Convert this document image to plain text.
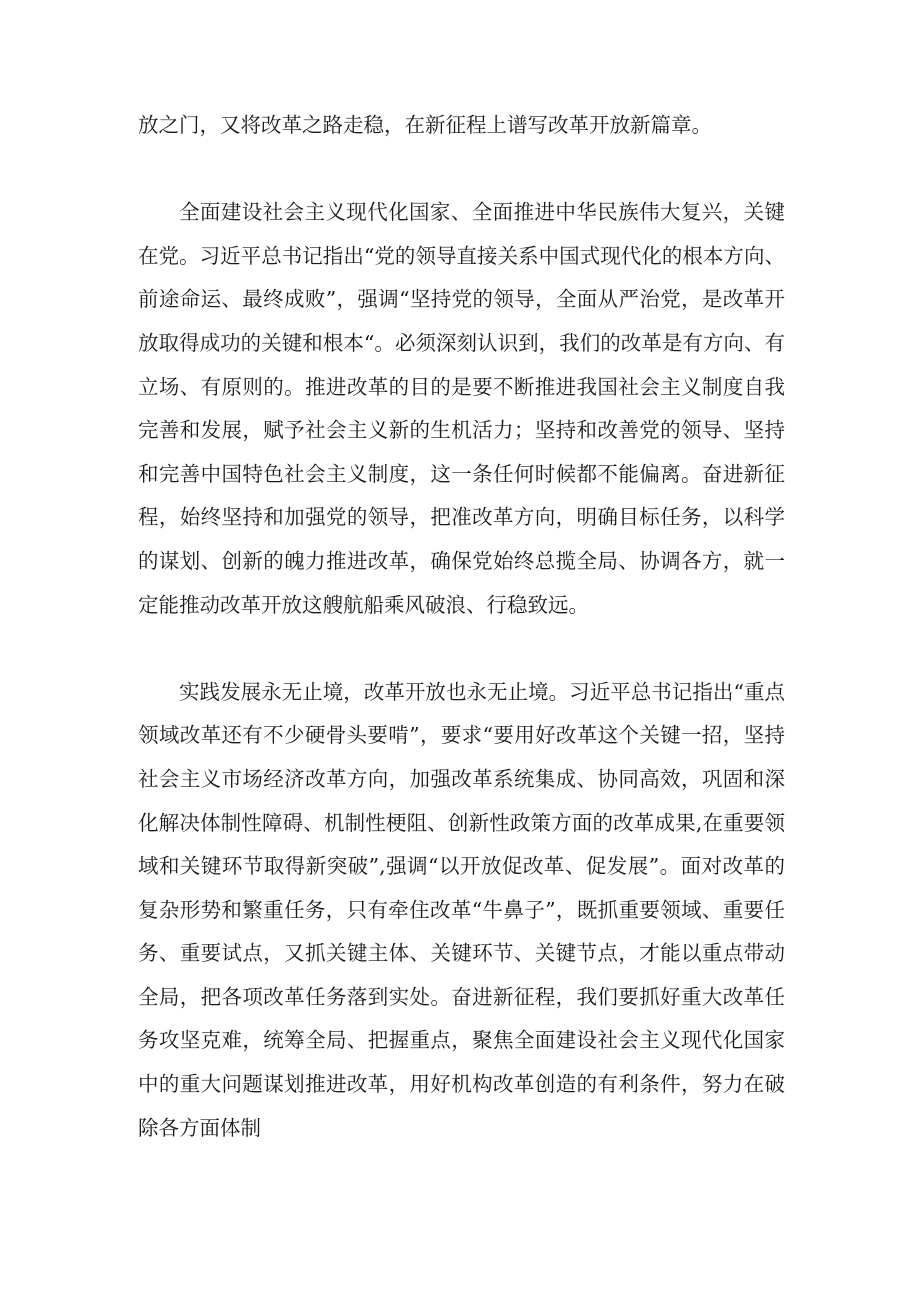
放之门，又将改革之路走稳，在新征程上谱写改革开放新篇章。

全面建设社会主义现代化国家、全面推进中华民族伟大复兴，关键在党。习近平总书记指出“党的领导直接关系中国式现代化的根本方向、前途命运、最终成败”，强调“坚持党的领导，全面从严治党，是改革开放取得成功的关键和根本“。必须深刻认识到，我们的改革是有方向、有立场、有原则的。推进改革的目的是要不断推进我国社会主义制度自我完善和发展，赋予社会主义新的生机活力；坚持和改善党的领导、坚持和完善中国特色社会主义制度，这一条任何时候都不能偏离。奋进新征程，始终坚持和加强党的领导，把准改革方向，明确目标任务，以科学的谋划、创新的魄力推进改革，确保党始终总揽全局、协调各方，就一定能推动改革开放这艘航船乘风破浪、行稳致远。

实践发展永无止境，改革开放也永无止境。习近平总书记指出“重点领域改革还有不少硬骨头要啃”，要求“要用好改革这个关键一招，坚持社会主义市场经济改革方向，加强改革系统集成、协同高效，巩固和深化解决体制性障碍、机制性梗阻、创新性政策方面的改革成果,在重要领域和关键环节取得新突破”,强调“以开放促改革、促发展”。面对改革的复杂形势和繁重任务，只有牵住改革“牛鼻子”，既抓重要领域、重要任务、重要试点，又抓关键主体、关键环节、关键节点，才能以重点带动全局，把各项改革任务落到实处。奋进新征程，我们要抓好重大改革任务攻坚克难，统筹全局、把握重点，聚焦全面建设社会主义现代化国家中的重大问题谋划推进改革，用好机构改革创造的有利条件，努力在破除各方面体制
